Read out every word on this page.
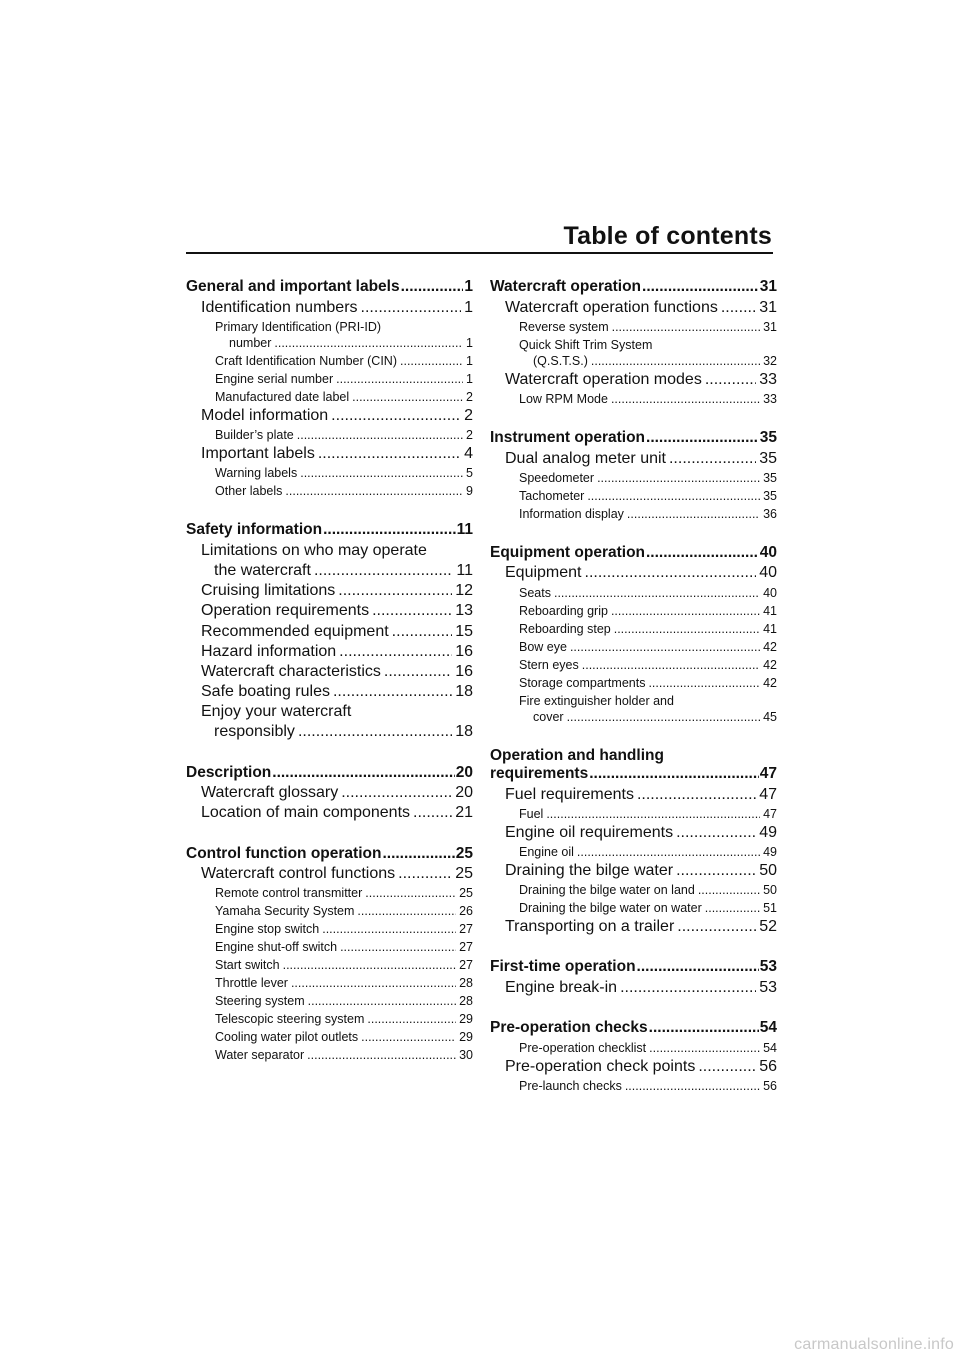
Table of contents
General and important labels .....	1
Identification numbers .....	1
Primary Identification (PRI-ID)
number .....	1
Craft Identification Number (CIN) .....	1
Engine serial number .....	1
Manufactured date label .....	2
Model information .....	2
Builder’s plate .....	2
Important labels .....	4
Warning labels .....	5
Other labels .....	9
Safety information .....	11
Limitations on who may operate
the watercraft .....	11
Cruising limitations .....	12
Operation requirements .....	13
Recommended equipment .....	15
Hazard information .....	16
Watercraft characteristics .....	16
Safe boating rules .....	18
Enjoy your watercraft
responsibly .....	18
Description .....	20
Watercraft glossary .....	20
Location of main components .....	21
Control function operation .....	25
Watercraft control functions .....	25
Remote control transmitter .....	25
Yamaha Security System .....	26
Engine stop switch .....	27
Engine shut-off switch .....	27
Start switch .....	27
Throttle lever .....	28
Steering system .....	28
Telescopic steering system .....	29
Cooling water pilot outlets .....	29
Water separator .....	30
Watercraft operation .....	31
Watercraft operation functions .....	31
Reverse system .....	31
Quick Shift Trim System
(Q.S.T.S.) .....	32
Watercraft operation modes .....	33
Low RPM Mode .....	33
Instrument operation .....	35
Dual analog meter unit .....	35
Speedometer .....	35
Tachometer .....	35
Information display .....	36
Equipment operation .....	40
Equipment .....	40
Seats .....	40
Reboarding grip .....	41
Reboarding step .....	41
Bow eye .....	42
Stern eyes .....	42
Storage compartments .....	42
Fire extinguisher holder and
cover .....	45
Operation and handling
requirements .....	47
Fuel requirements .....	47
Fuel .....	47
Engine oil requirements .....	49
Engine oil .....	49
Draining the bilge water .....	50
Draining the bilge water on land .....	50
Draining the bilge water on water .....	51
Transporting on a trailer .....	52
First-time operation .....	53
Engine break-in .....	53
Pre-operation checks .....	54
Pre-operation checklist .....	54
Pre-operation check points .....	56
Pre-launch checks .....	56
carmanualsonline.info
